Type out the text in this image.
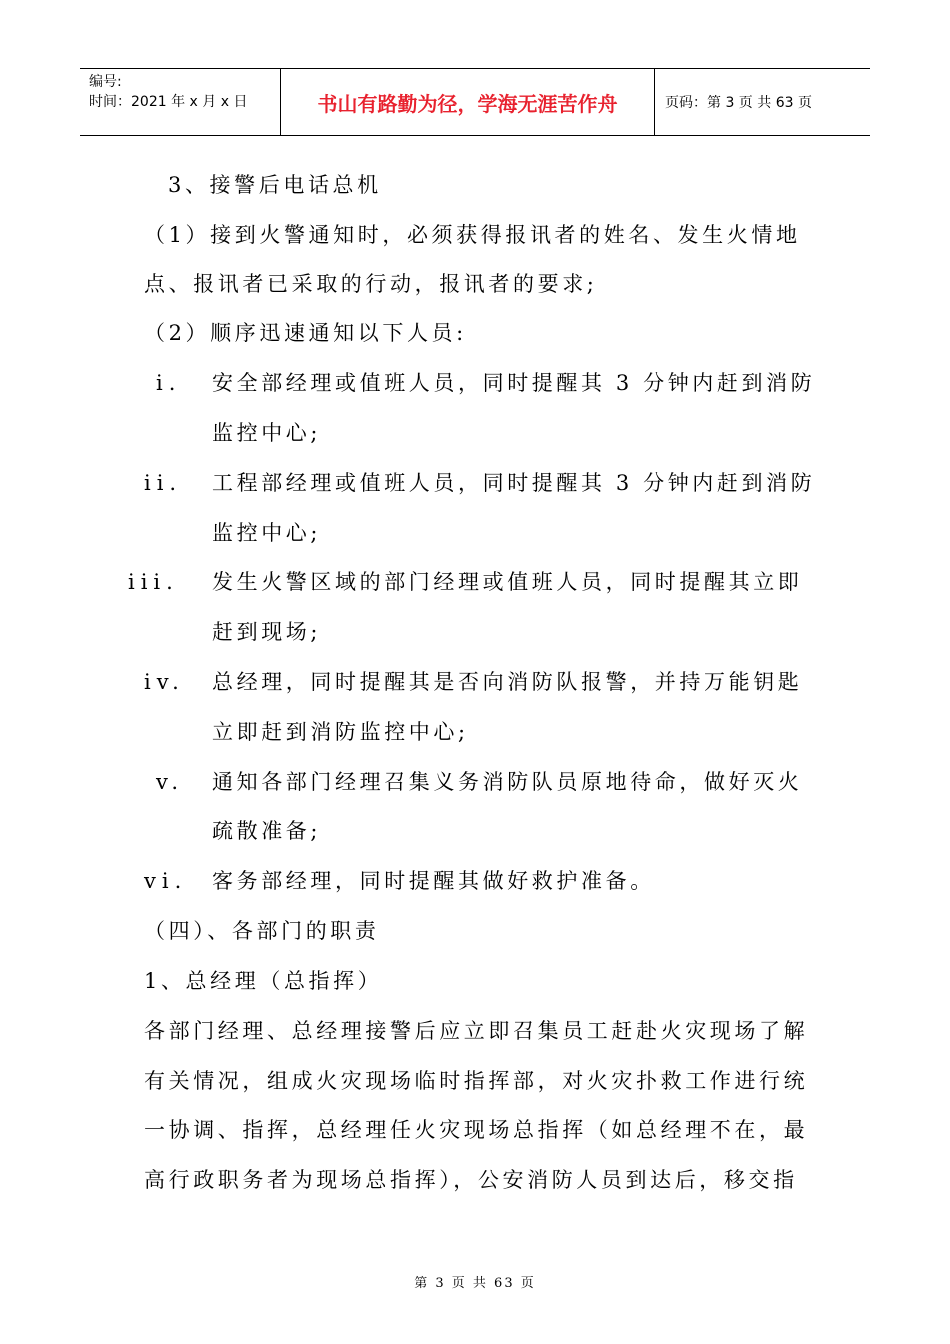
编号:
时间：2021 年 x 月 x 日	书山有路勤为径，学海无涯苦作舟	页码：第 3 页 共 63 页
3、接警后电话总机
（1）接到火警通知时，必须获得报讯者的姓名、发生火情地
点、报讯者已采取的行动，报讯者的要求;
（2）顺序迅速通知以下人员:
i. 安全部经理或值班人员，同时提醒其 3 分钟内赶到消防
监控中心;
ii. 工程部经理或值班人员，同时提醒其 3 分钟内赶到消防
监控中心;
iii. 发生火警区域的部门经理或值班人员，同时提醒其立即
赶到现场;
iv. 总经理，同时提醒其是否向消防队报警，并持万能钥匙
立即赶到消防监控中心;
v. 通知各部门经理召集义务消防队员原地待命，做好灭火
疏散准备;
vi. 客务部经理，同时提醒其做好救护准备。
（四）、各部门的职责
1、总经理（总指挥）
各部门经理、总经理接警后应立即召集员工赶赴火灾现场了解
有关情况，组成火灾现场临时指挥部，对火灾扑救工作进行统
一协调、指挥，总经理任火灾现场总指挥（如总经理不在，最
高行政职务者为现场总指挥），公安消防人员到达后，移交指
第 3 页 共 63 页
